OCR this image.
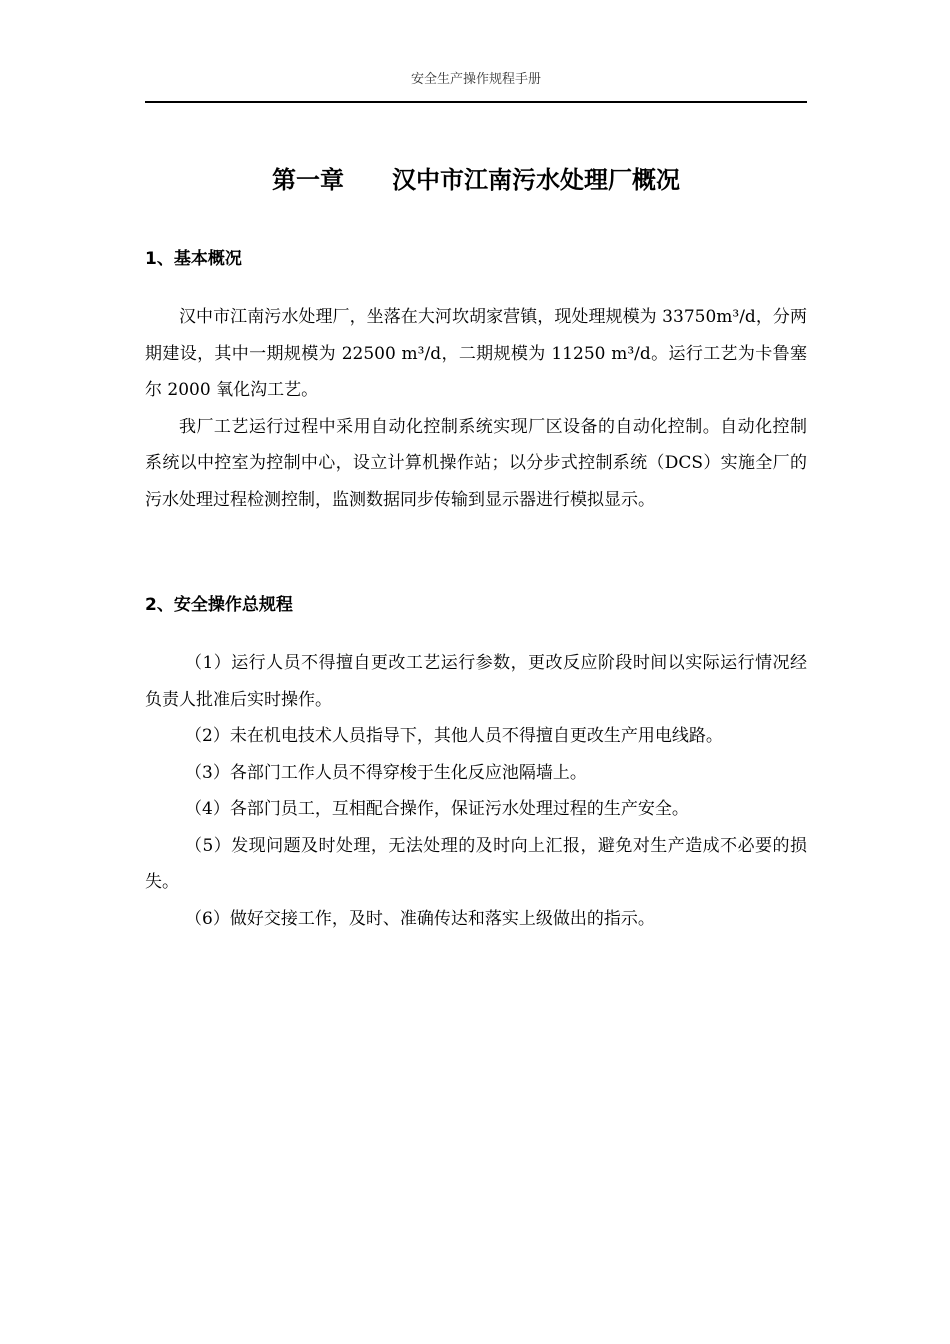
安全生产操作规程手册
第一章　　汉中市江南污水处理厂概况
1、基本概况

汉中市江南污水处理厂，坐落在大河坎胡家营镇，现处理规模为 33750m³/d，分两期建设，其中一期规模为 22500 m³/d，二期规模为 11250 m³/d。运行工艺为卡鲁塞尔 2000 氧化沟工艺。

我厂工艺运行过程中采用自动化控制系统实现厂区设备的自动化控制。自动化控制系统以中控室为控制中心，设立计算机操作站；以分步式控制系统（DCS）实施全厂的污水处理过程检测控制，监测数据同步传输到显示器进行模拟显示。

2、安全操作总规程

（1）运行人员不得擅自更改工艺运行参数，更改反应阶段时间以实际运行情况经负责人批准后实时操作。

（2）未在机电技术人员指导下，其他人员不得擅自更改生产用电线路。

（3）各部门工作人员不得穿梭于生化反应池隔墙上。

（4）各部门员工，互相配合操作，保证污水处理过程的生产安全。

（5）发现问题及时处理，无法处理的及时向上汇报，避免对生产造成不必要的损失。

（6）做好交接工作，及时、准确传达和落实上级做出的指示。
